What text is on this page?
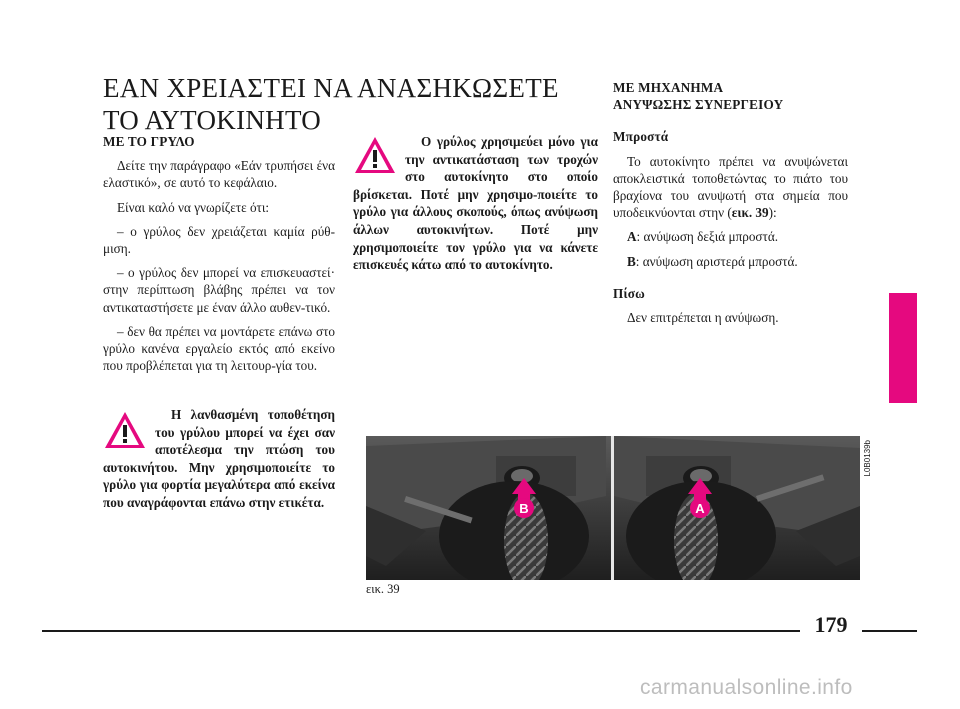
ΕΑΝ ΧΡΕΙΑΣΤΕΙ ΝΑ ΑΝΑΣΗΚΩΣΕΤΕ
ΤΟ ΑΥΤΟΚΙΝΗΤΟ

ΜΕ ΤΟ ΓΡΥΛΟ

Δείτε την παράγραφο «Εάν τρυπήσει ένα ελαστικό», σε αυτό το κεφάλαιο.

Είναι καλό να γνωρίζετε ότι:

– ο γρύλος δεν χρειάζεται καμία ρύθ-μιση.

– ο γρύλος δεν μπορεί να επισκευαστεί· στην περίπτωση βλάβης πρέπει να τον αντικαταστήσετε με έναν άλλο αυθεν-τικό.

– δεν θα πρέπει να μοντάρετε επάνω στο γρύλο κανένα εργαλείο εκτός από εκείνο που προβλέπεται για τη λειτουρ-γία του.

Η λανθασμένη τοποθέτηση του γρύλου μπορεί να έχει σαν αποτέλεσμα την πτώση του αυτοκινήτου. Μην χρησιμοποιείτε το γρύλο για φορτία μεγαλύτερα από εκείνα που αναγράφονται επάνω στην ετικέτα.

Ο γρύλος χρησιμεύει μόνο για την αντικατάσταση των τροχών στο αυτοκίνητο στο οποίο βρίσκεται. Ποτέ μην χρησιμο-ποιείτε το γρύλο για άλλους σκοπούς, όπως ανύψωση άλλων αυτοκινήτων. Ποτέ μην χρησιμοποιείτε τον γρύλο για να κάνετε επισκευές κάτω από το αυτοκίνητο.

ΜΕ ΜΗΧΑΝΗΜΑ

ΑΝΥΨΩΣΗΣ ΣΥΝΕΡΓΕΙΟΥ

Μπροστά

Το αυτοκίνητο πρέπει να ανυψώνεται αποκλειστικά τοποθετώντας το πιάτο του βραχίονα του ανυψωτή στα σημεία που υποδεικνύονται στην (εικ. 39):

A: ανύψωση δεξιά μπροστά.

B: ανύψωση αριστερά μπροστά.

Πίσω

Δεν επιτρέπεται η ανύψωση.

B	A
L0B0139b
εικ. 39
179
carmanualsonline.info
